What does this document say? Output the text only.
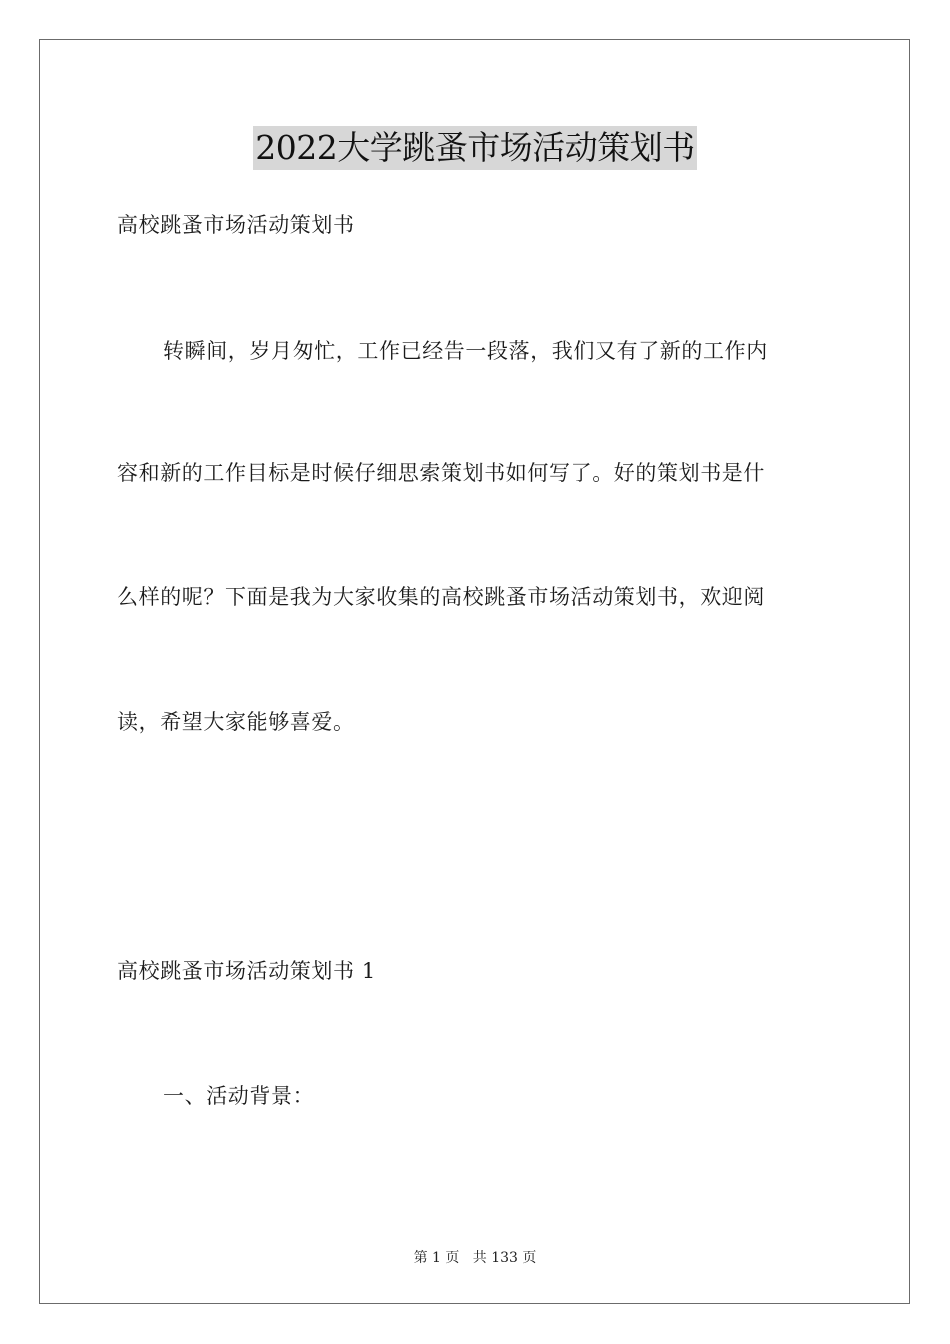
2022大学跳蚤市场活动策划书
高校跳蚤市场活动策划书
转瞬间，岁月匆忙，工作已经告一段落，我们又有了新的工作内
容和新的工作目标是时候仔细思索策划书如何写了。好的策划书是什
么样的呢？下面是我为大家收集的高校跳蚤市场活动策划书，欢迎阅
读，希望大家能够喜爱。
高校跳蚤市场活动策划书 1
一、活动背景：
第 1 页 共 133 页
